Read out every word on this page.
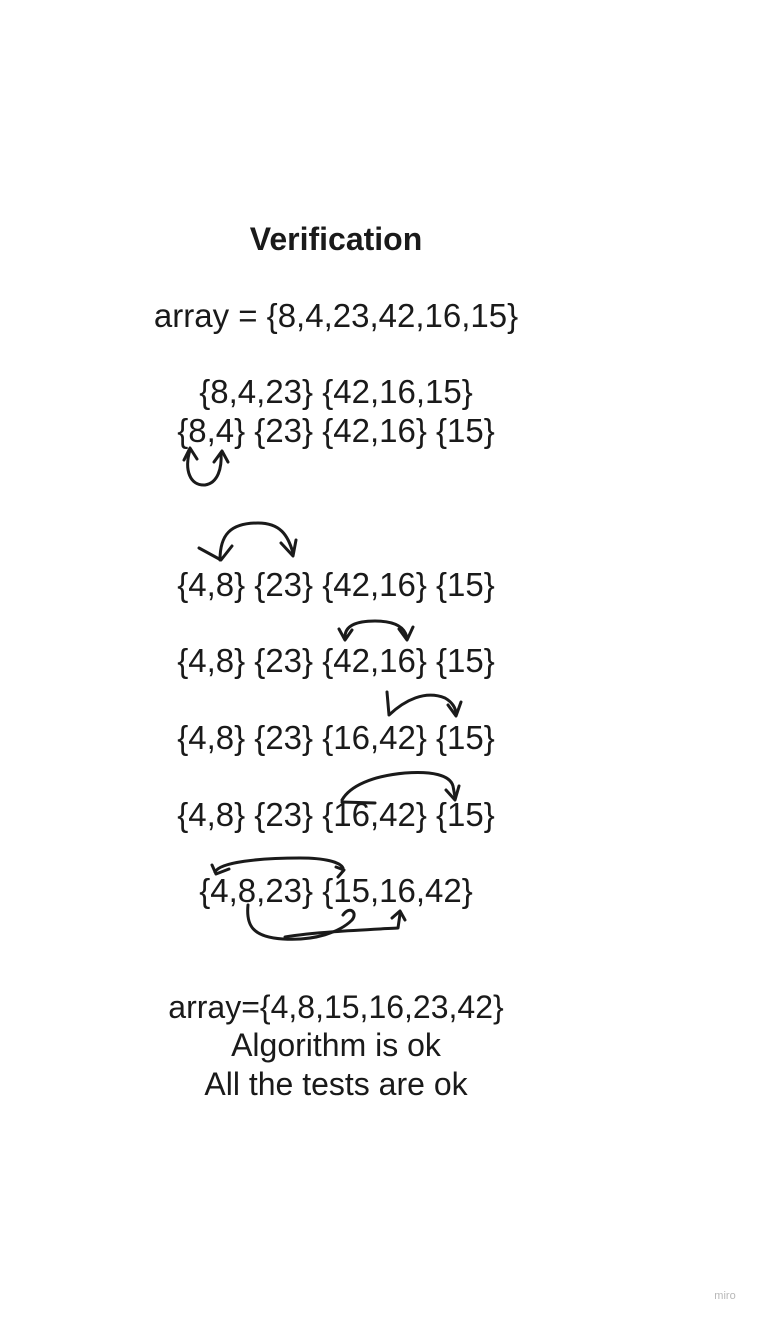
Verification
array = {8,4,23,42,16,15}
{8,4,23} {42,16,15}
{8,4} {23} {42,16} {15}
{4,8} {23} {42,16} {15}
{4,8} {23} {42,16} {15}
{4,8} {23} {16,42} {15}
{4,8} {23} {16,42} {15}
{4,8,23} {15,16,42}
array={4,8,15,16,23,42}
Algorithm is ok
All the tests are ok
miro
